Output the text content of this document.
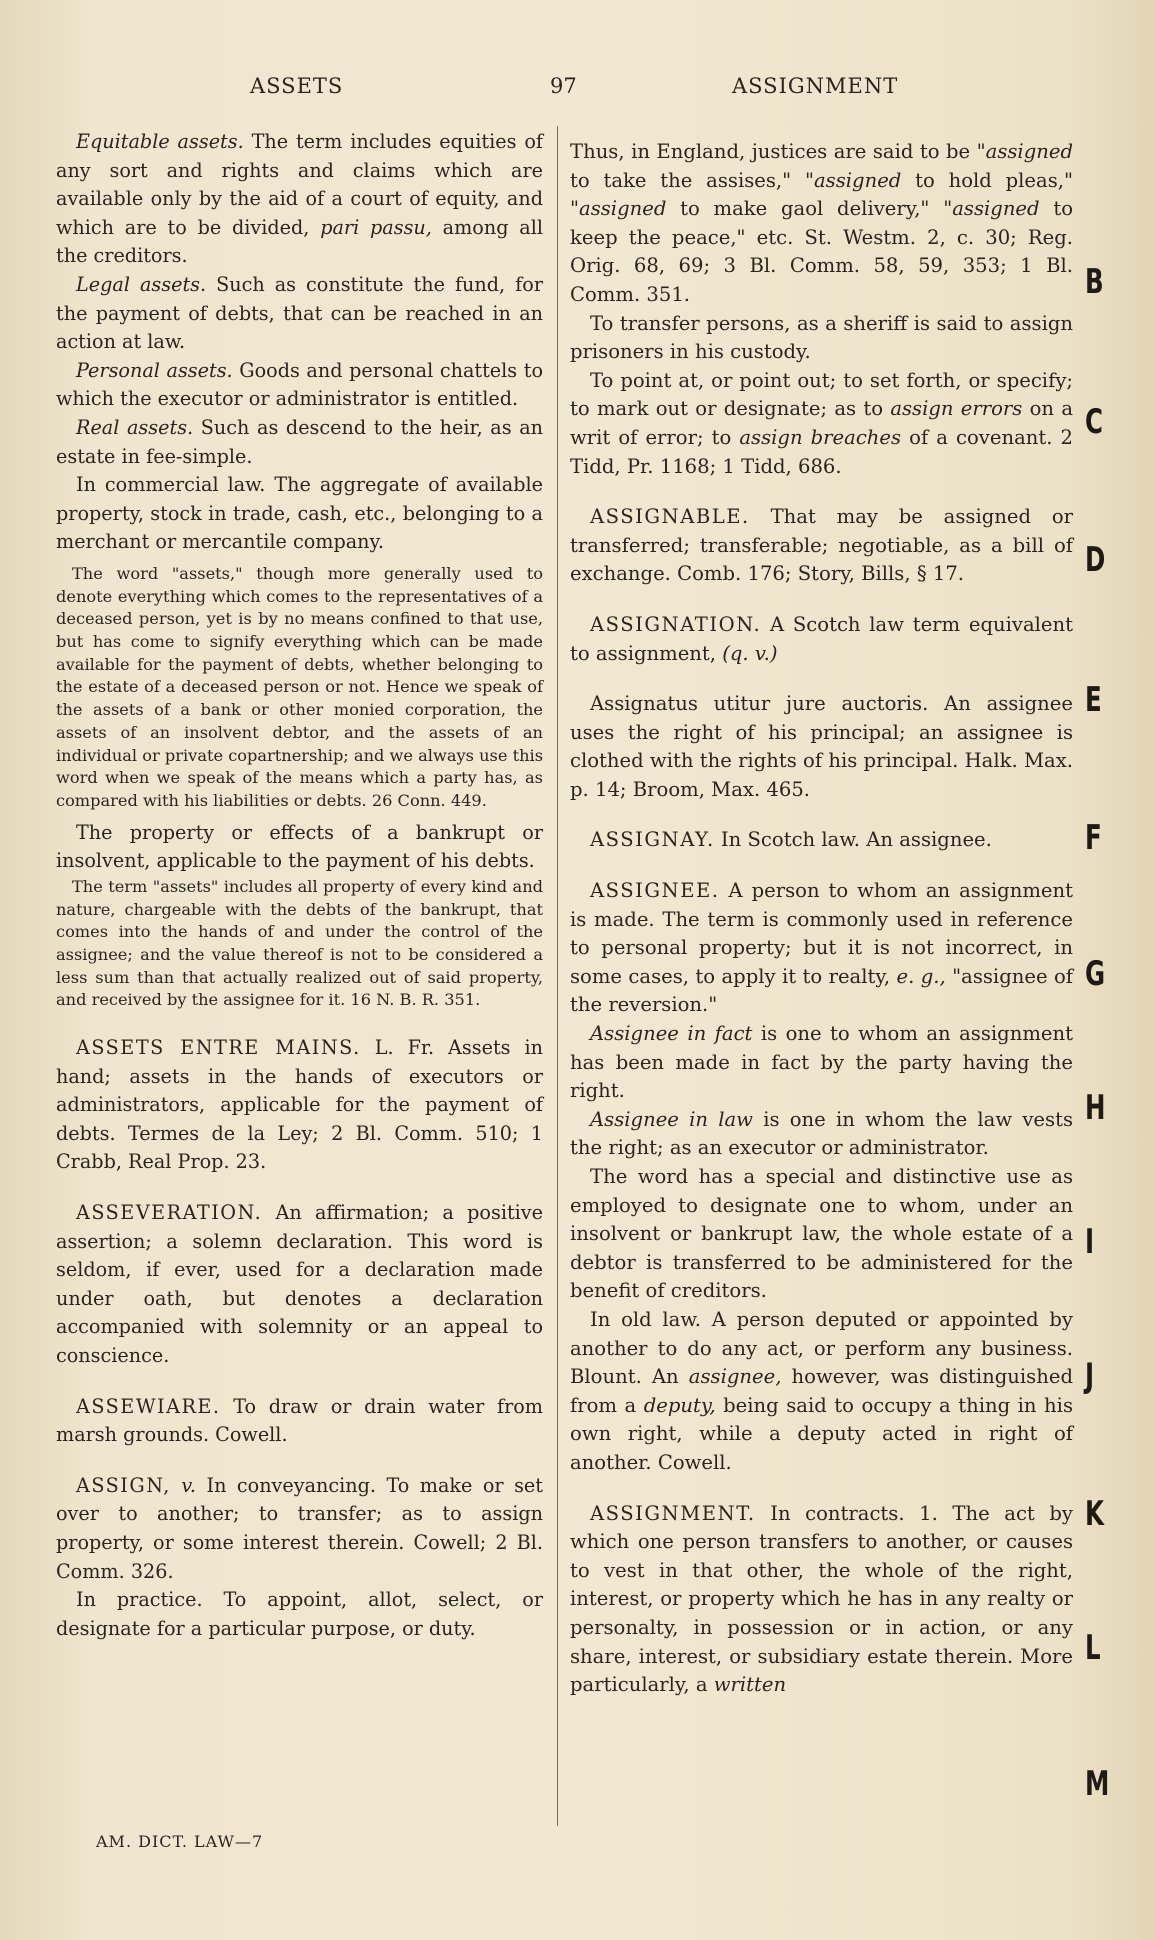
ASSETS	97	ASSIGNMENT

Equitable assets. The term includes equities of any sort and rights and claims which are available only by the aid of a court of equity, and which are to be divided, pari passu, among all the creditors.

Legal assets. Such as constitute the fund, for the payment of debts, that can be reached in an action at law.

Personal assets. Goods and personal chattels to which the executor or administrator is entitled.

Real assets. Such as descend to the heir, as an estate in fee-simple.

In commercial law. The aggregate of available property, stock in trade, cash, etc., belonging to a merchant or mercantile company.

The word "assets," though more generally used to denote everything which comes to the representatives of a deceased person, yet is by no means confined to that use, but has come to signify everything which can be made available for the payment of debts, whether belonging to the estate of a deceased person or not. Hence we speak of the assets of a bank or other monied corporation, the assets of an insolvent debtor, and the assets of an individual or private copartnership; and we always use this word when we speak of the means which a party has, as compared with his liabilities or debts. 26 Conn. 449.

The property or effects of a bankrupt or insolvent, applicable to the payment of his debts.

The term "assets" includes all property of every kind and nature, chargeable with the debts of the bankrupt, that comes into the hands of and under the control of the assignee; and the value thereof is not to be considered a less sum than that actually realized out of said property, and received by the assignee for it. 16 N. B. R. 351.

ASSETS ENTRE MAINS. L. Fr. Assets in hand; assets in the hands of executors or administrators, applicable for the payment of debts. Termes de la Ley; 2 Bl. Comm. 510; 1 Crabb, Real Prop. 23.

ASSEVERATION. An affirmation; a positive assertion; a solemn declaration. This word is seldom, if ever, used for a declaration made under oath, but denotes a declaration accompanied with solemnity or an appeal to conscience.

ASSEWIARE. To draw or drain water from marsh grounds. Cowell.

ASSIGN, v. In conveyancing. To make or set over to another; to transfer; as to assign property, or some interest therein. Cowell; 2 Bl. Comm. 326.

In practice. To appoint, allot, select, or designate for a particular purpose, or duty.

Thus, in England, justices are said to be "assigned to take the assises," "assigned to hold pleas," "assigned to make gaol delivery," "assigned to keep the peace," etc. St. Westm. 2, c. 30; Reg. Orig. 68, 69; 3 Bl. Comm. 58, 59, 353; 1 Bl. Comm. 351.

To transfer persons, as a sheriff is said to assign prisoners in his custody.

To point at, or point out; to set forth, or specify; to mark out or designate; as to assign errors on a writ of error; to assign breaches of a covenant. 2 Tidd, Pr. 1168; 1 Tidd, 686.

ASSIGNABLE. That may be assigned or transferred; transferable; negotiable, as a bill of exchange. Comb. 176; Story, Bills, § 17.

ASSIGNATION. A Scotch law term equivalent to assignment, (q. v.)

Assignatus utitur jure auctoris. An assignee uses the right of his principal; an assignee is clothed with the rights of his principal. Halk. Max. p. 14; Broom, Max. 465.

ASSIGNAY. In Scotch law. An assignee.

ASSIGNEE. A person to whom an assignment is made. The term is commonly used in reference to personal property; but it is not incorrect, in some cases, to apply it to realty, e. g., "assignee of the reversion."

Assignee in fact is one to whom an assignment has been made in fact by the party having the right.

Assignee in law is one in whom the law vests the right; as an executor or administrator.

The word has a special and distinctive use as employed to designate one to whom, under an insolvent or bankrupt law, the whole estate of a debtor is transferred to be administered for the benefit of creditors.

In old law. A person deputed or appointed by another to do any act, or perform any business. Blount. An assignee, however, was distinguished from a deputy, being said to occupy a thing in his own right, while a deputy acted in right of another. Cowell.

ASSIGNMENT. In contracts. 1. The act by which one person transfers to another, or causes to vest in that other, the whole of the right, interest, or property which he has in any realty or personalty, in possession or in action, or any share, interest, or subsidiary estate therein. More particularly, a written

AM. DICT. LAW—7
B
C
D
E
F
G
H
I
J
K
L
M
